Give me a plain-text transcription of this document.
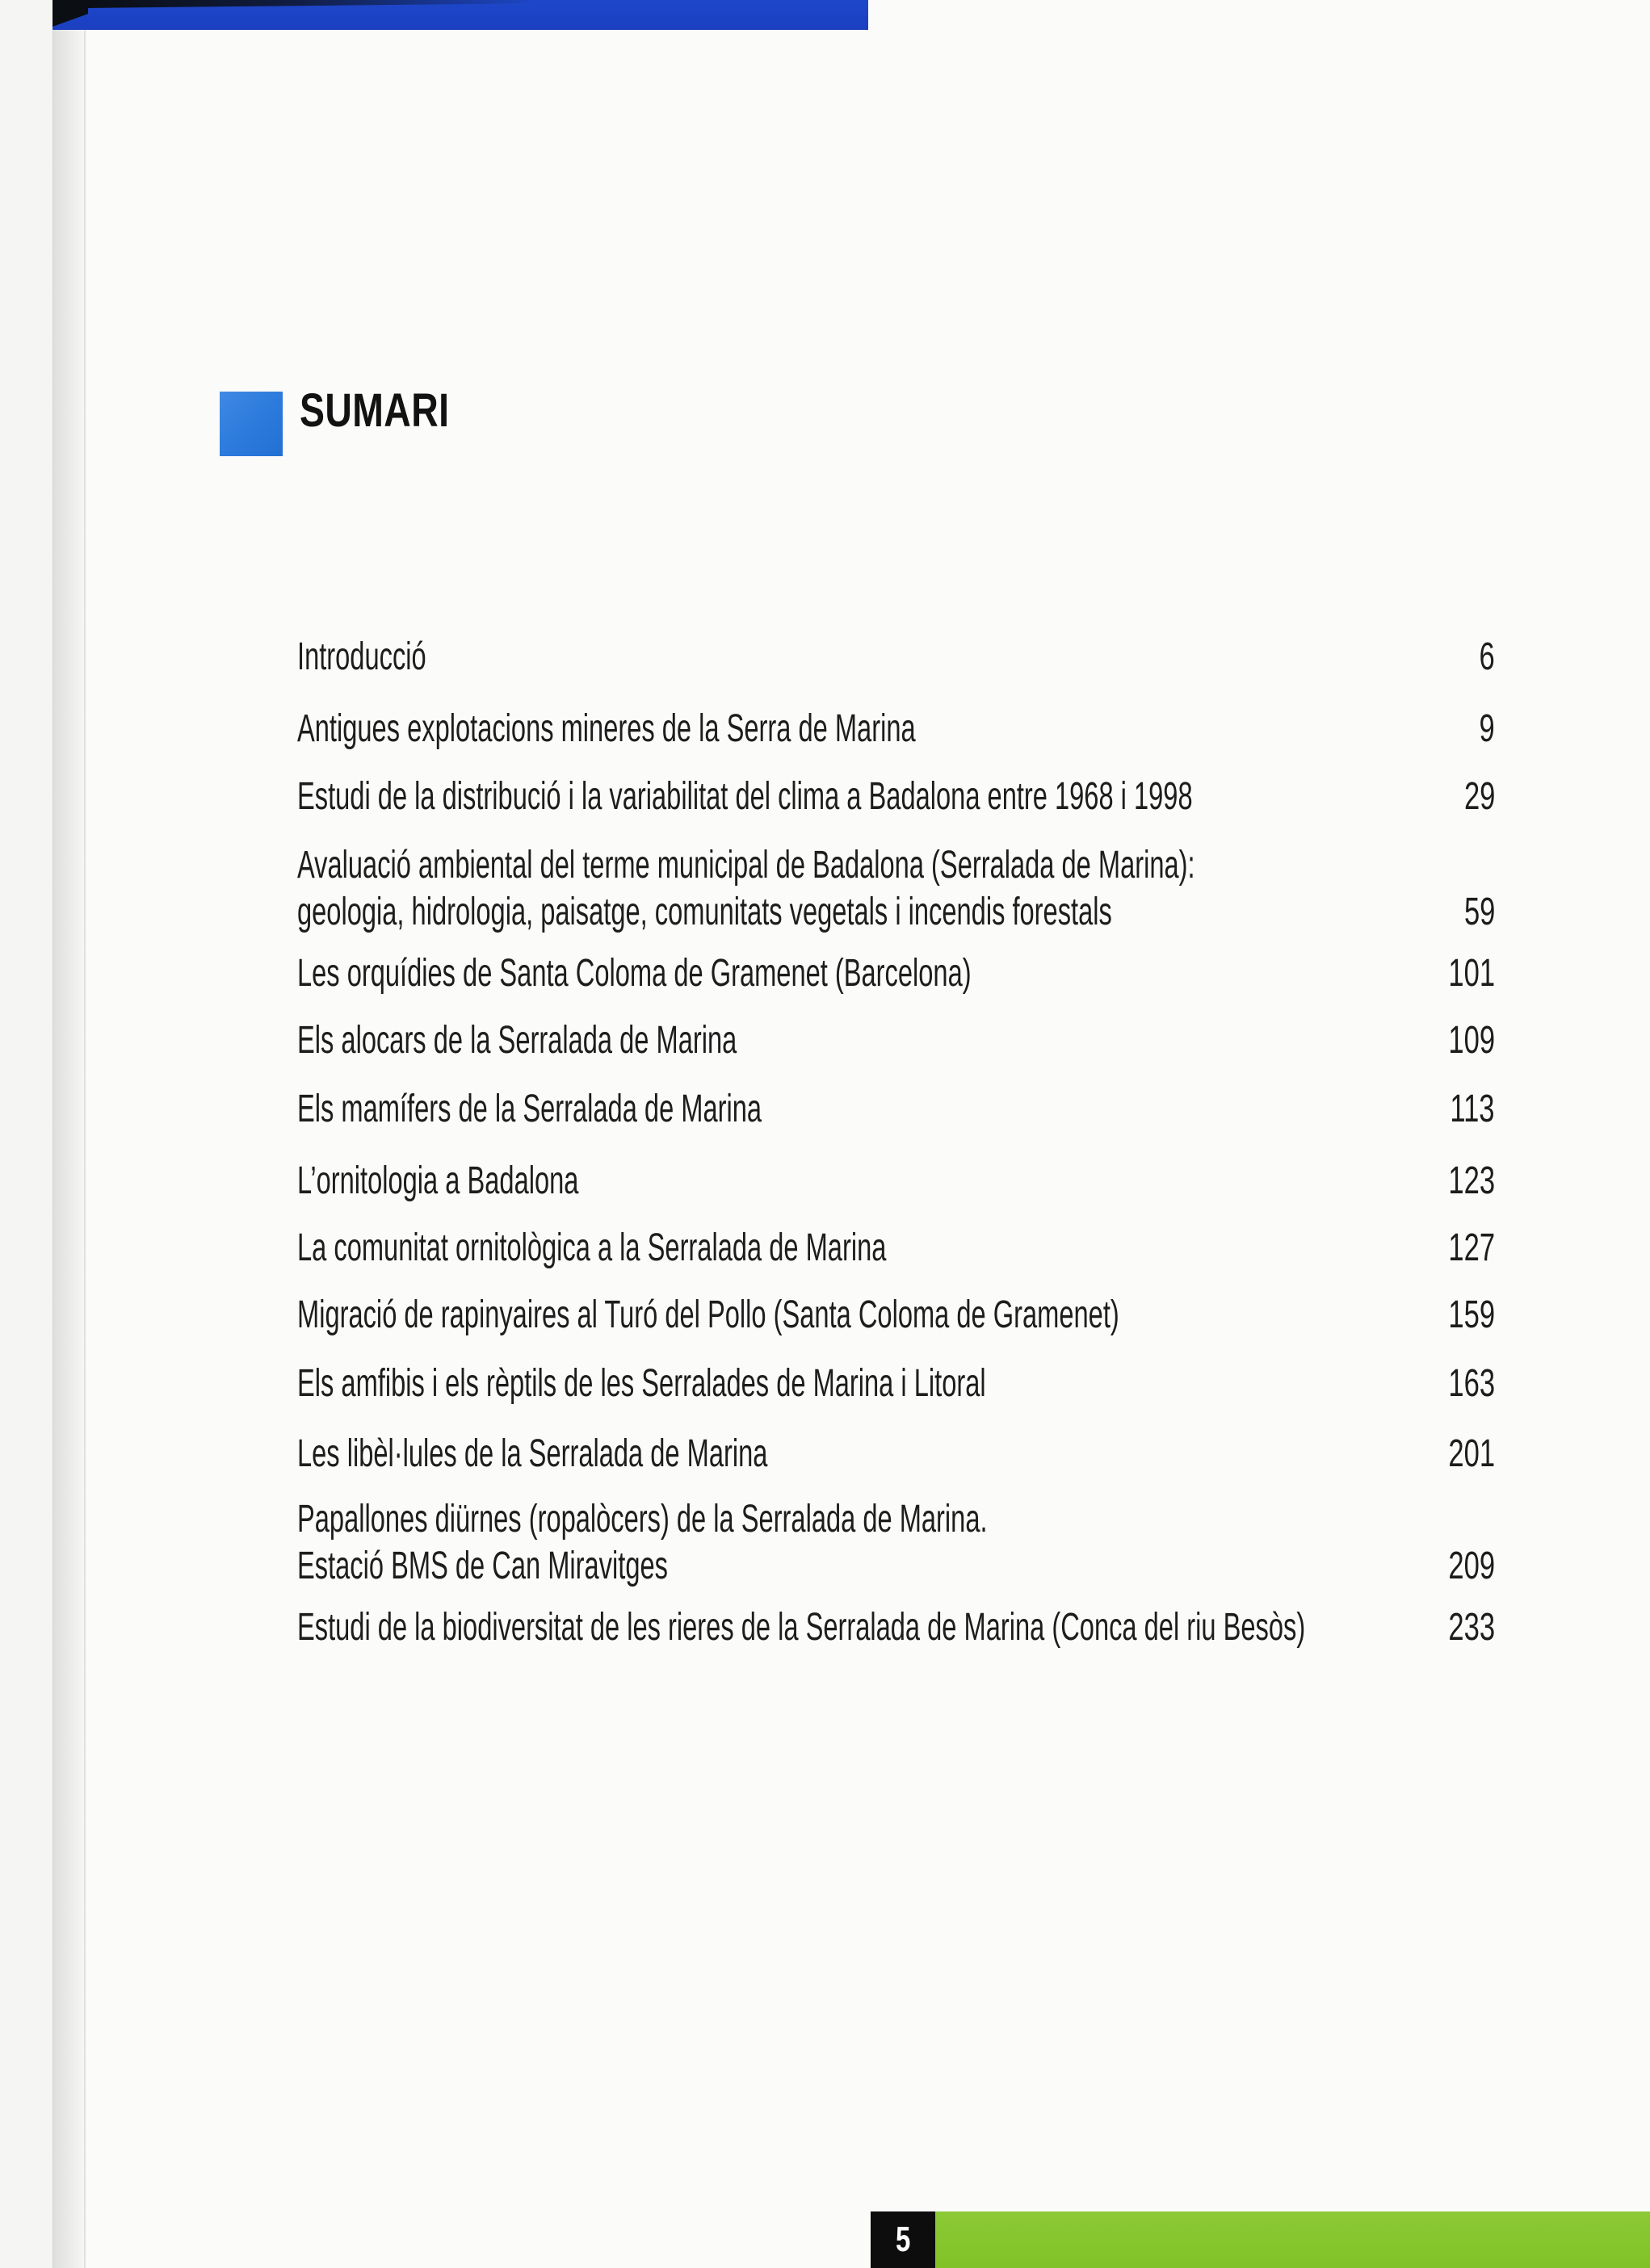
SUMARI
Introducció	6
Antigues explotacions mineres de la Serra de Marina	9
Estudi de la distribució i la variabilitat del clima a Badalona entre 1968 i 1998	29
Avaluació ambiental del terme municipal de Badalona (Serralada de Marina):
geologia, hidrologia, paisatge, comunitats vegetals i incendis forestals	59
Les orquídies de Santa Coloma de Gramenet (Barcelona)	101
Els alocars de la Serralada de Marina	109
Els mamífers de la Serralada de Marina	113
L’ornitologia a Badalona	123
La comunitat ornitològica a la Serralada de Marina	127
Migració de rapinyaires al Turó del Pollo (Santa Coloma de Gramenet)	159
Els amfibis i els rèptils de les Serralades de Marina i Litoral	163
Les libèl·lules de la Serralada de Marina	201
Papallones diürnes (ropalòcers) de la Serralada de Marina.
Estació BMS de Can Miravitges	209
Estudi de la biodiversitat de les rieres de la Serralada de Marina (Conca del riu Besòs)	233
5
